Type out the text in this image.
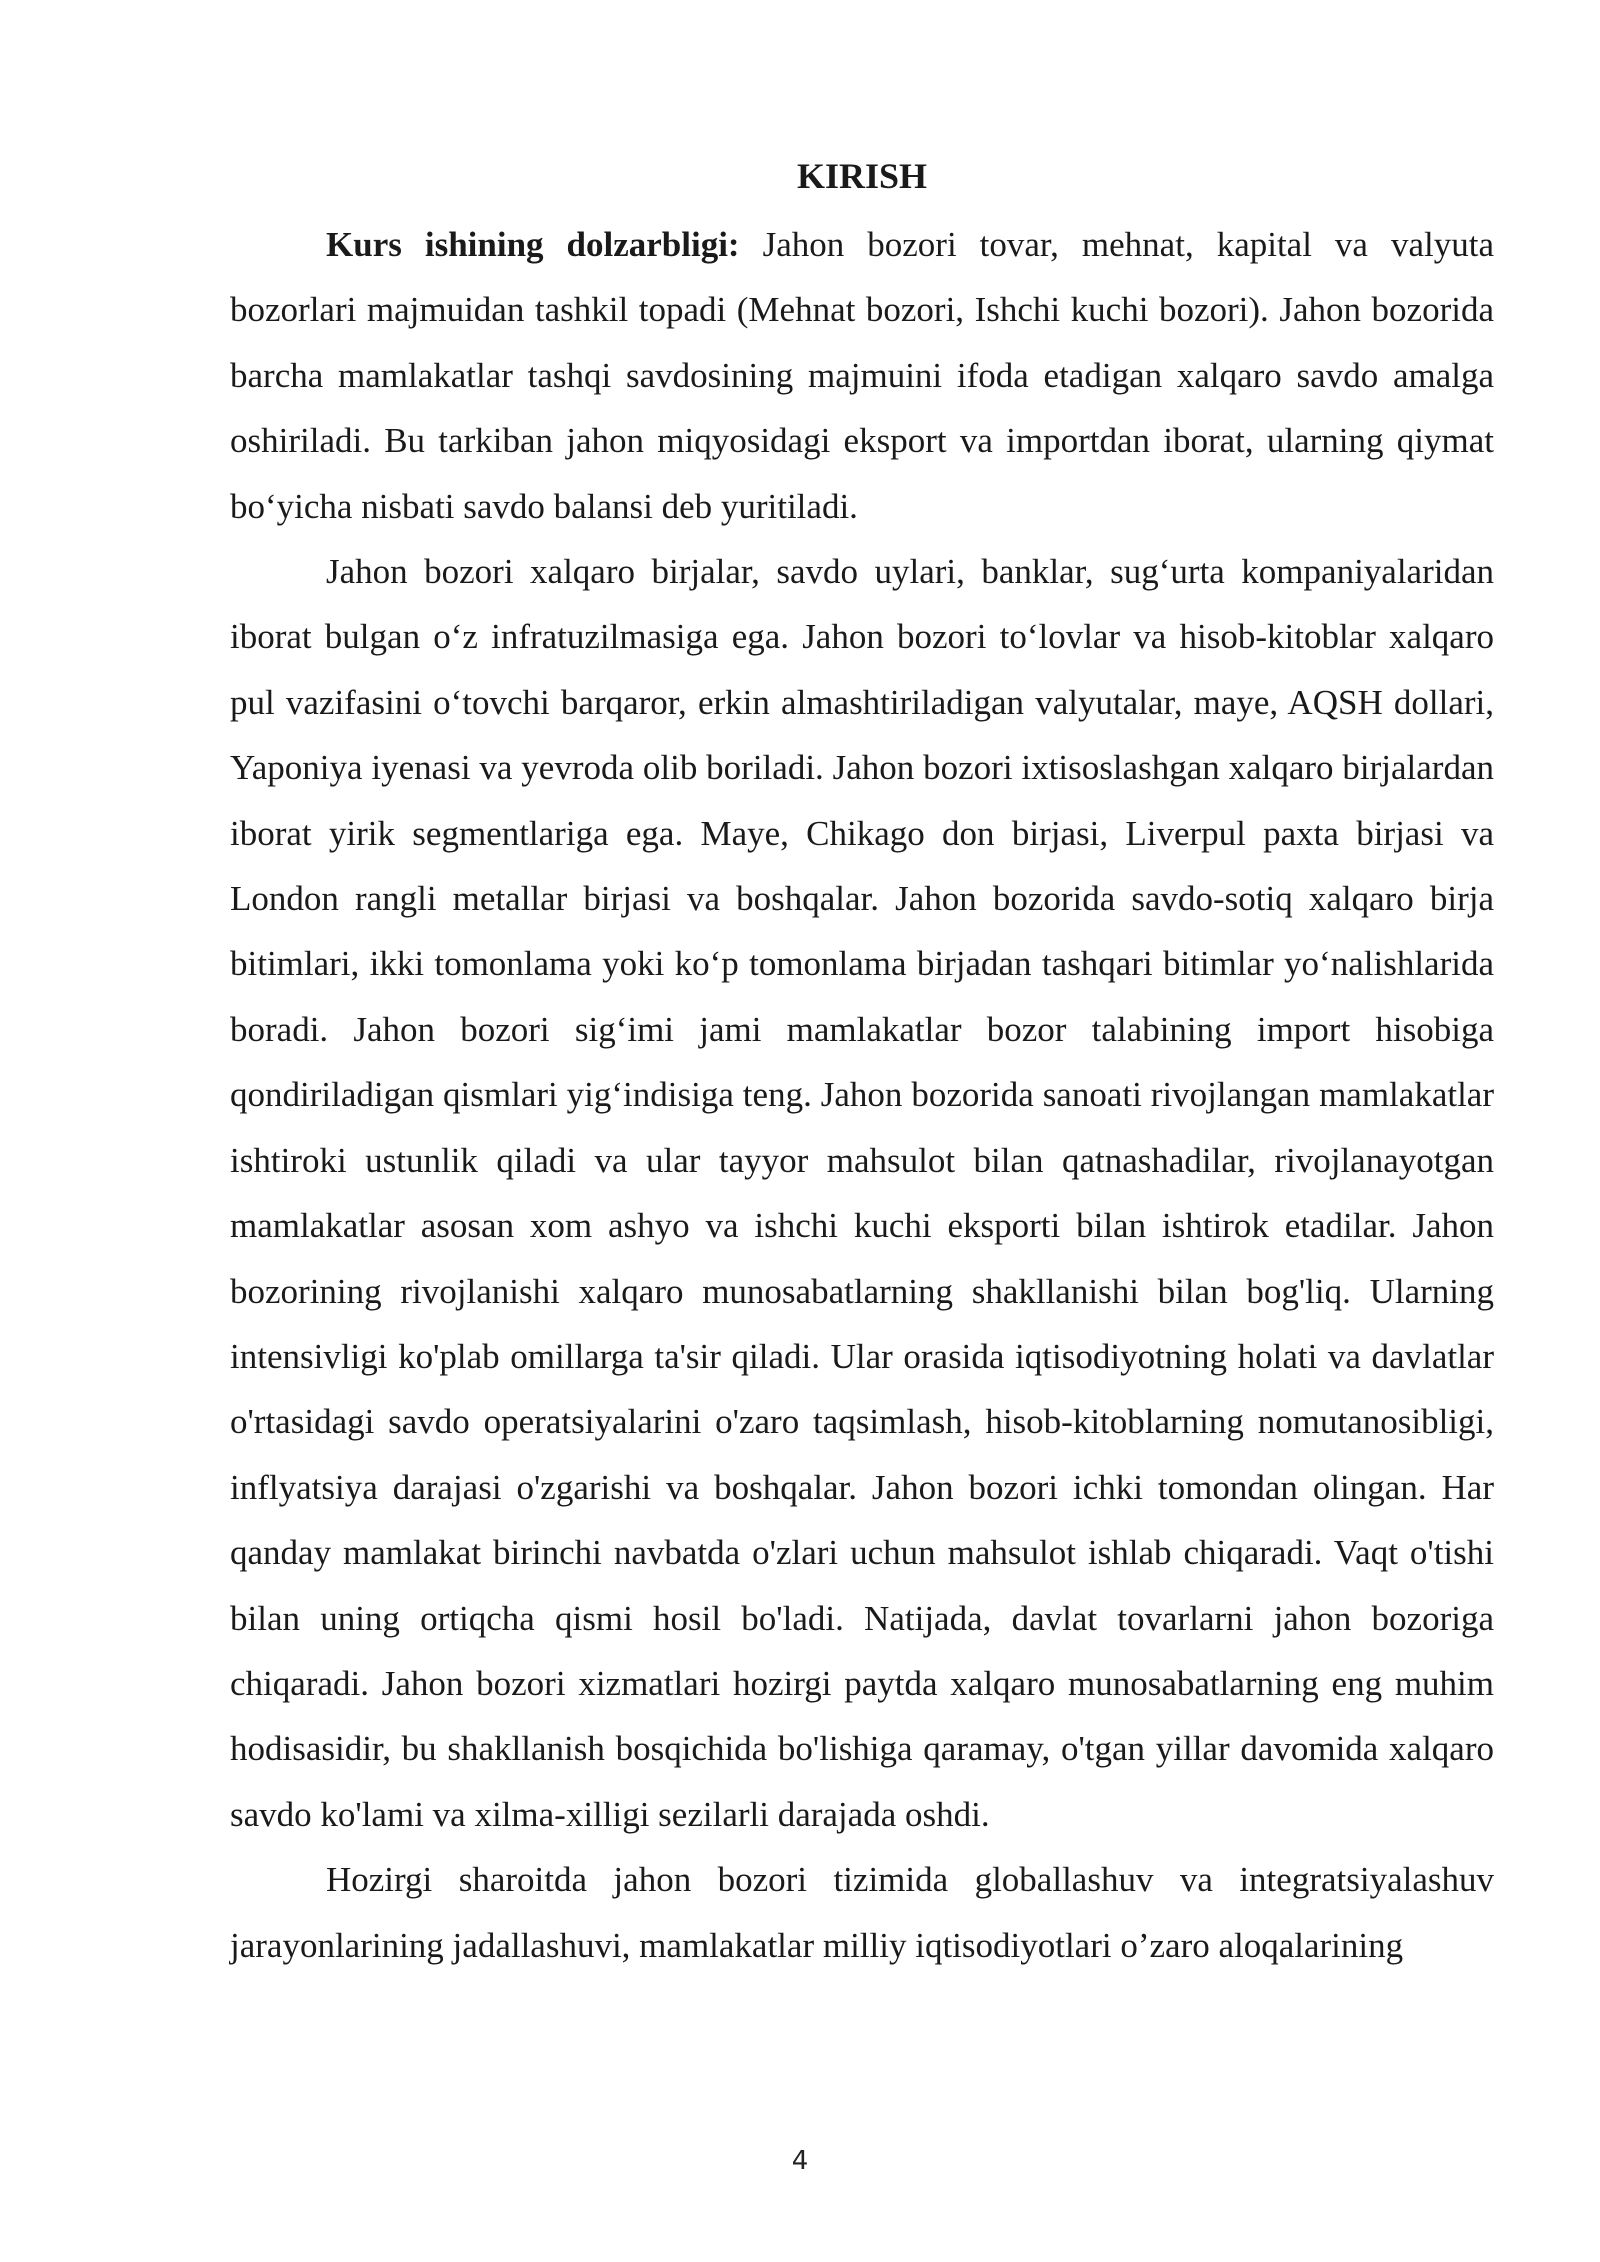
KIRISH

Kurs ishining dolzarbligi: Jahon bozori tovar, mehnat, kapital va valyuta bozorlari majmuidan tashkil topadi (Mehnat bozori, Ishchi kuchi bozori). Jahon bozorida barcha mamlakatlar tashqi savdosining majmuini ifoda etadigan xalqaro savdo amalga oshiriladi. Bu tarkiban jahon miqyosidagi eksport va importdan iborat, ularning qiymat bo‘yicha nisbati savdo balansi deb yuritiladi.

Jahon bozori xalqaro birjalar, savdo uylari, banklar, sug‘urta kompaniyalaridan iborat bulgan o‘z infratuzilmasiga ega. Jahon bozori to‘lovlar va hisob-kitoblar xalqaro pul vazifasini o‘tovchi barqaror, erkin almashtiriladigan valyutalar, maye, AQSH dollari, Yaponiya iyenasi va yevroda olib boriladi. Jahon bozori ixtisoslashgan xalqaro birjalardan iborat yirik segmentlariga ega. Maye, Chikago don birjasi, Liverpul paxta birjasi va London rangli metallar birjasi va boshqalar. Jahon bozorida savdo-sotiq xalqaro birja bitimlari, ikki tomonlama yoki ko‘p tomonlama birjadan tashqari bitimlar yo‘nalishlarida boradi. Jahon bozori sig‘imi jami mamlakatlar bozor talabining import hisobiga qondiriladigan qismlari yig‘indisiga teng. Jahon bozorida sanoati rivojlangan mamlakatlar ishtiroki ustunlik qiladi va ular tayyor mahsulot bilan qatnashadilar, rivojlanayotgan mamlakatlar asosan xom ashyo va ishchi kuchi eksporti bilan ishtirok etadilar. Jahon bozorining rivojlanishi xalqaro munosabatlarning shakllanishi bilan bog'liq. Ularning intensivligi ko'plab omillarga ta'sir qiladi. Ular orasida iqtisodiyotning holati va davlatlar o'rtasidagi savdo operatsiyalarini o'zaro taqsimlash, hisob-kitoblarning nomutanosibligi, inflyatsiya darajasi o'zgarishi va boshqalar. Jahon bozori ichki tomondan olingan. Har qanday mamlakat birinchi navbatda o'zlari uchun mahsulot ishlab chiqaradi. Vaqt o'tishi bilan uning ortiqcha qismi hosil bo'ladi. Natijada, davlat tovarlarni jahon bozoriga chiqaradi. Jahon bozori xizmatlari hozirgi paytda xalqaro munosabatlarning eng muhim hodisasidir, bu shakllanish bosqichida bo'lishiga qaramay, o'tgan yillar davomida xalqaro savdo ko'lami va xilma-xilligi sezilarli darajada oshdi.

Hozirgi sharoitda jahon bozori tizimida globallashuv va integratsiyalashuv jarayonlarining jadallashuvi, mamlakatlar milliy iqtisodiyotlari o’zaro aloqalarining

4
